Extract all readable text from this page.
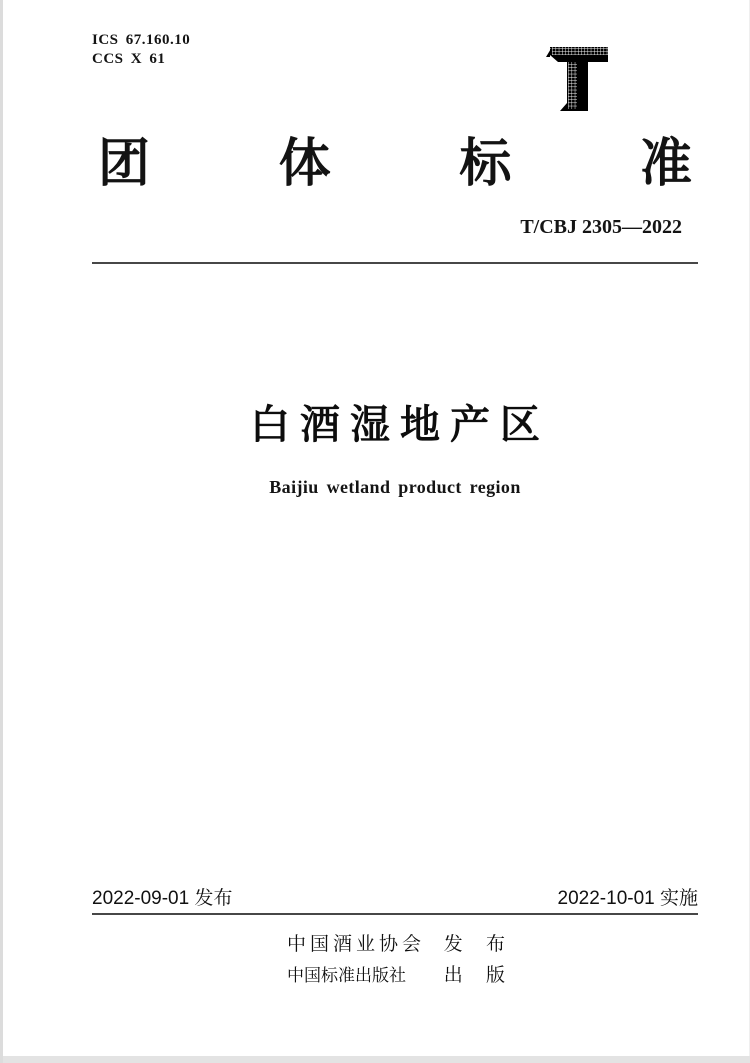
ICS 67.160.10
CCS X 61
团 体 标 准
T/CBJ 2305—2022
白酒湿地产区
Baijiu wetland product region
2022-09-01 发布	2022-10-01 实施
中国酒业协会 发 布
中国标准出版社 出 版
